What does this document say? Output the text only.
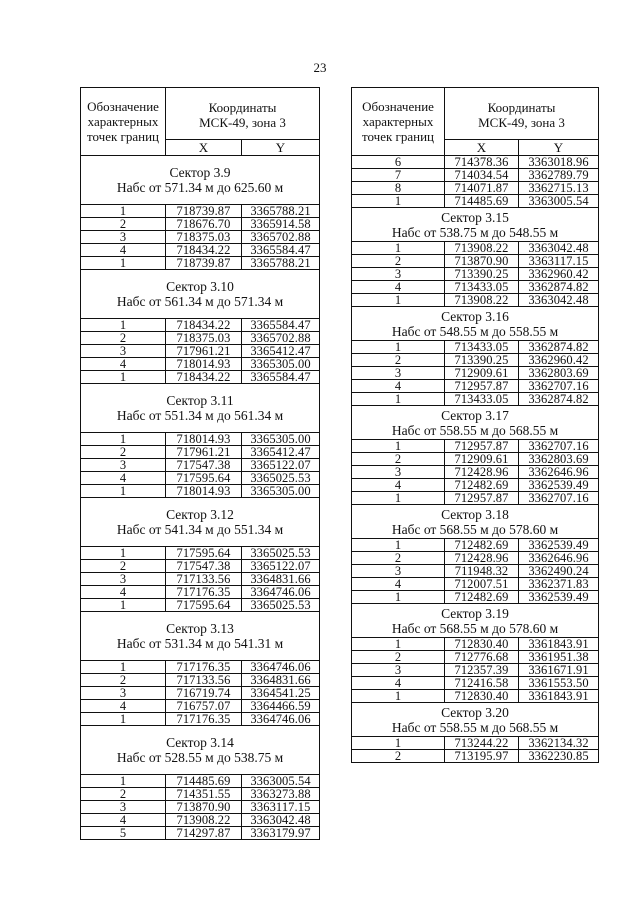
23
Обозначение характерных точек границ	Координаты
МСК-49, зона 3	

	X	Y

Сектор 3.9
Набс от 571.34 м до 625.60 м		

1	718739.87	3365788.21
2	718676.70	3365914.58
3	718375.03	3365702.88
4	718434.22	3365584.47
1	718739.87	3365788.21

Сектор 3.10
Набс от 561.34 м до 571.34 м		

1	718434.22	3365584.47
2	718375.03	3365702.88
3	717961.21	3365412.47
4	718014.93	3365305.00
1	718434.22	3365584.47

Сектор 3.11
Набс от 551.34 м до 561.34 м		

1	718014.93	3365305.00
2	717961.21	3365412.47
3	717547.38	3365122.07
4	717595.64	3365025.53
1	718014.93	3365305.00

Сектор 3.12
Набс от 541.34 м до 551.34 м		

1	717595.64	3365025.53
2	717547.38	3365122.07
3	717133.56	3364831.66
4	717176.35	3364746.06
1	717595.64	3365025.53

Сектор 3.13
Набс от 531.34 м до 541.31 м		

1	717176.35	3364746.06
2	717133.56	3364831.66
3	716719.74	3364541.25
4	716757.07	3364466.59
1	717176.35	3364746.06

Сектор 3.14
Набс от 528.55 м до 538.75 м		

1	714485.69	3363005.54
2	714351.55	3363273.88
3	713870.90	3363117.15
4	713908.22	3363042.48
5	714297.87	3363179.97
Обозначение характерных точек границ	Координаты
МСК-49, зона 3	

	X	Y
6	714378.36	3363018.96
7	714034.54	3362789.79
8	714071.87	3362715.13
1	714485.69	3363005.54

Сектор 3.15
Набс от 538.75 м до 548.55 м		

1	713908.22	3363042.48
2	713870.90	3363117.15
3	713390.25	3362960.42
4	713433.05	3362874.82
1	713908.22	3363042.48

Сектор 3.16
Набс от 548.55 м до 558.55 м		

1	713433.05	3362874.82
2	713390.25	3362960.42
3	712909.61	3362803.69
4	712957.87	3362707.16
1	713433.05	3362874.82

Сектор 3.17
Набс от 558.55 м до 568.55 м		

1	712957.87	3362707.16
2	712909.61	3362803.69
3	712428.96	3362646.96
4	712482.69	3362539.49
1	712957.87	3362707.16

Сектор 3.18
Набс от 568.55 м до 578.60 м		

1	712482.69	3362539.49
2	712428.96	3362646.96
3	711948.32	3362490.24
4	712007.51	3362371.83
1	712482.69	3362539.49

Сектор 3.19
Набс от 568.55 м до 578.60 м		

1	712830.40	3361843.91
2	712776.68	3361951.38
3	712357.39	3361671.91
4	712416.58	3361553.50
1	712830.40	3361843.91

Сектор 3.20
Набс от 558.55 м до 568.55 м		

1	713244.22	3362134.32
2	713195.97	3362230.85
